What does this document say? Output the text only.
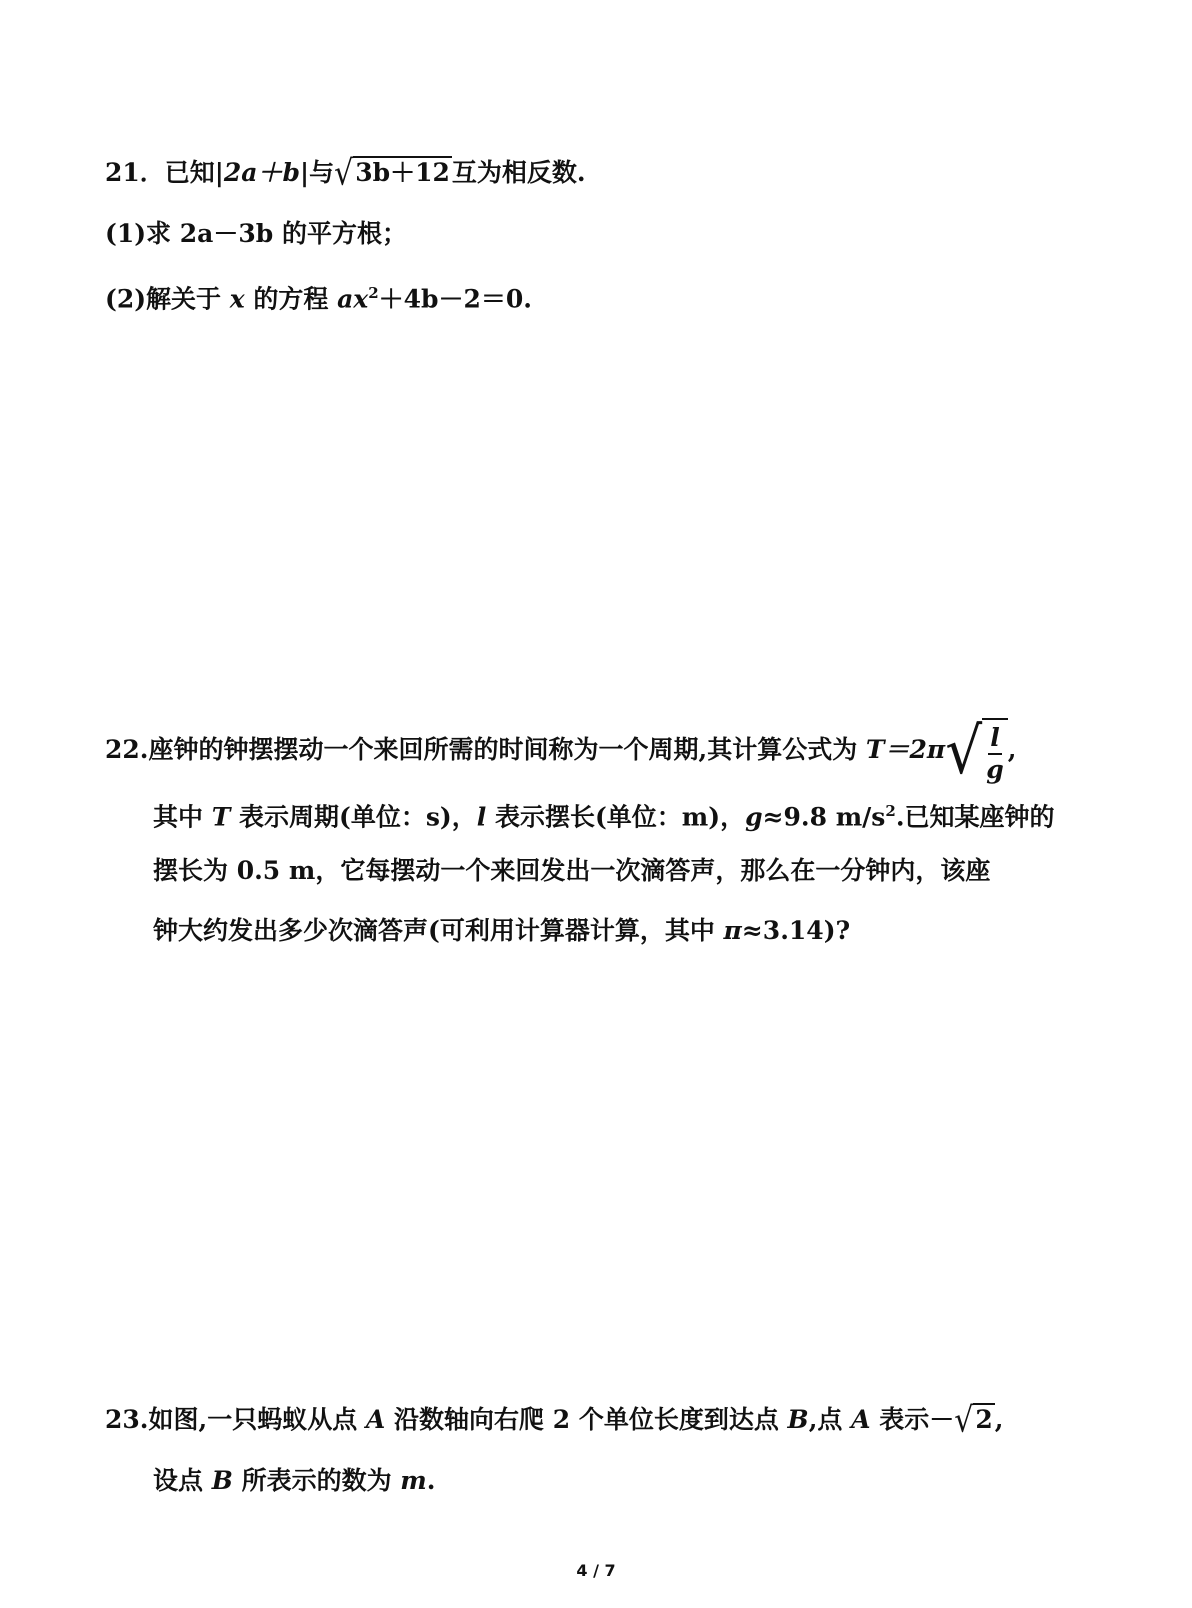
21．已知|2a＋b|与√3b＋12互为相反数.
(1)求 2a－3b 的平方根；
(2)解关于 x 的方程 $ax^2+4b-2=0$.
22.座钟的钟摆摆动一个来回所需的时间称为一个周期,其计算公式为 T＝2π √ $\frac{l}{g}$ ,
其中 T 表示周期(单位：s)，l 表示摆长(单位：m)，g≈9.8 $m/s^2$.已知某座钟的
摆长为 0.5 m，它每摆动一个来回发出一次滴答声，那么在一分钟内，该座
钟大约发出多少次滴答声(可利用计算器计算，其中 π≈3.14)?
23.如图,一只蚂蚁从点 A 沿数轴向右爬 2 个单位长度到达点 B,点 A 表示－√2,
设点 B 所表示的数为 m.
4 / 7
